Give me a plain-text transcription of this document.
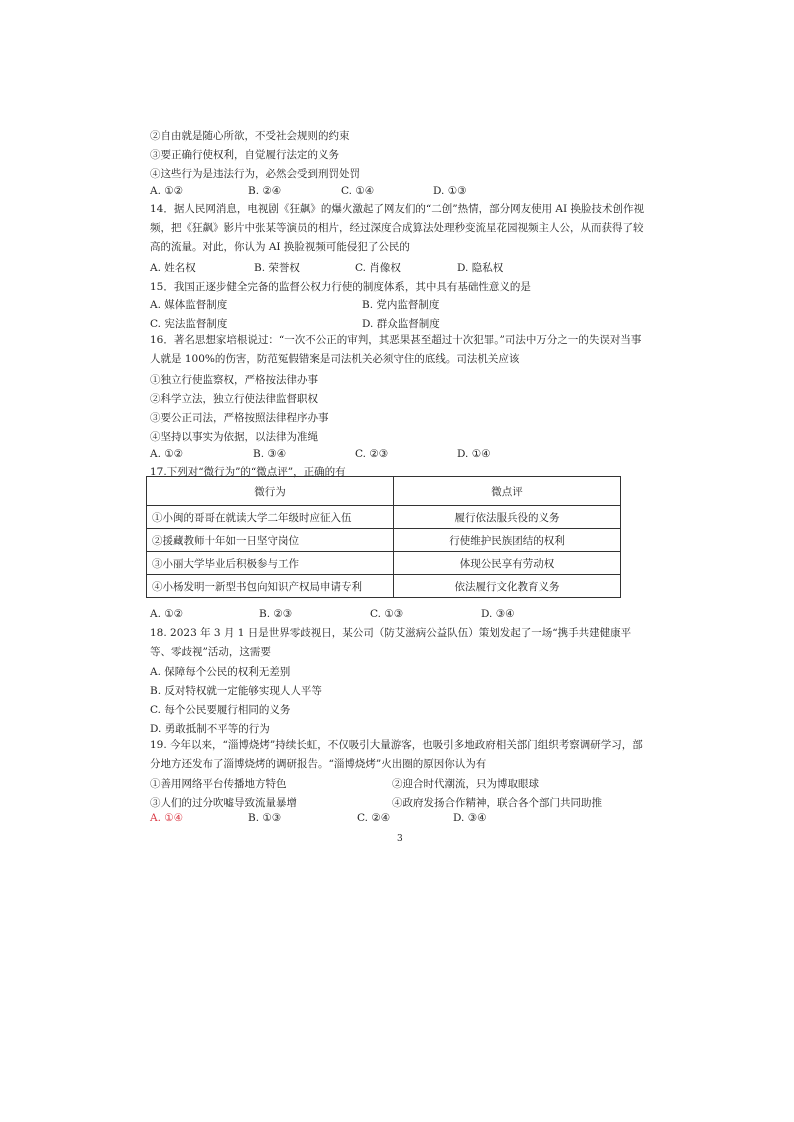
②自由就是随心所欲，不受社会规则的约束
③要正确行使权利，自觉履行法定的义务
④这些行为是违法行为，必然会受到刑罚处罚
A. ①②	B. ②④	C. ①④	D. ①③
14．据人民网消息，电视剧《狂飙》的爆火激起了网友们的“二创”热情，部分网友使用 AI 换脸技术创作视频，把《狂飙》影片中张某等演员的相片，经过深度合成算法处理秒变流星花园视频主人公，从而获得了较高的流量。对此，你认为 AI 换脸视频可能侵犯了公民的
A. 姓名权	B. 荣誉权	C. 肖像权	D. 隐私权
15．我国正逐步健全完备的监督公权力行使的制度体系，其中具有基础性意义的是
A. 媒体监督制度	B. 党内监督制度
C. 宪法监督制度	D. 群众监督制度
16．著名思想家培根说过：“一次不公正的审判，其恶果甚至超过十次犯罪。”司法中万分之一的失误对当事人就是 100%的伤害，防范冤假错案是司法机关必须守住的底线。司法机关应该
①独立行使监察权，严格按法律办事
②科学立法，独立行使法律监督职权
③要公正司法，严格按照法律程序办事
④坚持以事实为依据，以法律为准绳
A. ①②	B. ③④	C. ②③	D. ①④
17.下列对“微行为”的“微点评”，正确的有
微行为	微点评
①小闽的哥哥在就读大学二年级时应征入伍	履行依法服兵役的义务
②援藏教师十年如一日坚守岗位	行使维护民族团结的权利
③小丽大学毕业后积极参与工作	体现公民享有劳动权
④小杨发明一新型书包向知识产权局申请专利	依法履行文化教育义务
A. ①②	B. ②③	C. ①③	D. ③④
18. 2023 年 3 月 1 日是世界零歧视日，某公司（防艾滋病公益队伍）策划发起了一场“携手共建健康平等、零歧视”活动，这需要
A. 保障每个公民的权利无差别
B. 反对特权就一定能够实现人人平等
C. 每个公民要履行相同的义务
D. 勇敢抵制不平等的行为
19. 今年以来，“淄博烧烤”持续长虹，不仅吸引大量游客，也吸引多地政府相关部门组织考察调研学习，部分地方还发布了淄博烧烤的调研报告。“淄博烧烤”火出圈的原因你认为有
①善用网络平台传播地方特色	②迎合时代潮流，只为博取眼球
③人们的过分吹嘘导致流量暴增	④政府发扬合作精神，联合各个部门共同助推
A. ①④	B. ①③	C. ②④	D. ③④
3
